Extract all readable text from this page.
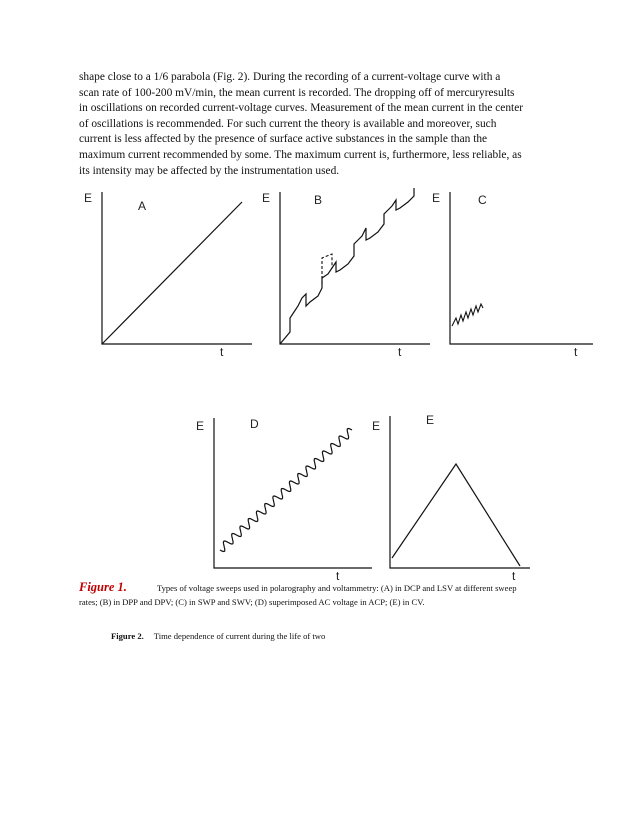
shape close to a 1/6 parabola (Fig. 2). During the recording of a current-voltage curve with a
scan rate of 100-200 mV/min, the mean current is recorded. The dropping off of mercuryresults
in oscillations on recorded current-voltage curves. Measurement of the mean current in the center
of oscillations is recommended. For such current the theory is available and moreover, such
current is less affected by the presence of surface active substances in the sample than the
maximum current recommended by some. The maximum current is, furthermore, less reliable, as
its intensity may be affected by the instrumentation used.
E
A
t
E	B
t
E	C
t
E	D
t
E	E
t
Figure 1.	Types of voltage sweeps used in polarography and voltammetry: (A) in DCP and LSV at different sweep
rates; (B) in DPP and DPV; (C) in SWP and SWV; (D) superimposed AC voltage in ACP; (E) in CV.
Figure 2. Time dependence of current during the life of two
